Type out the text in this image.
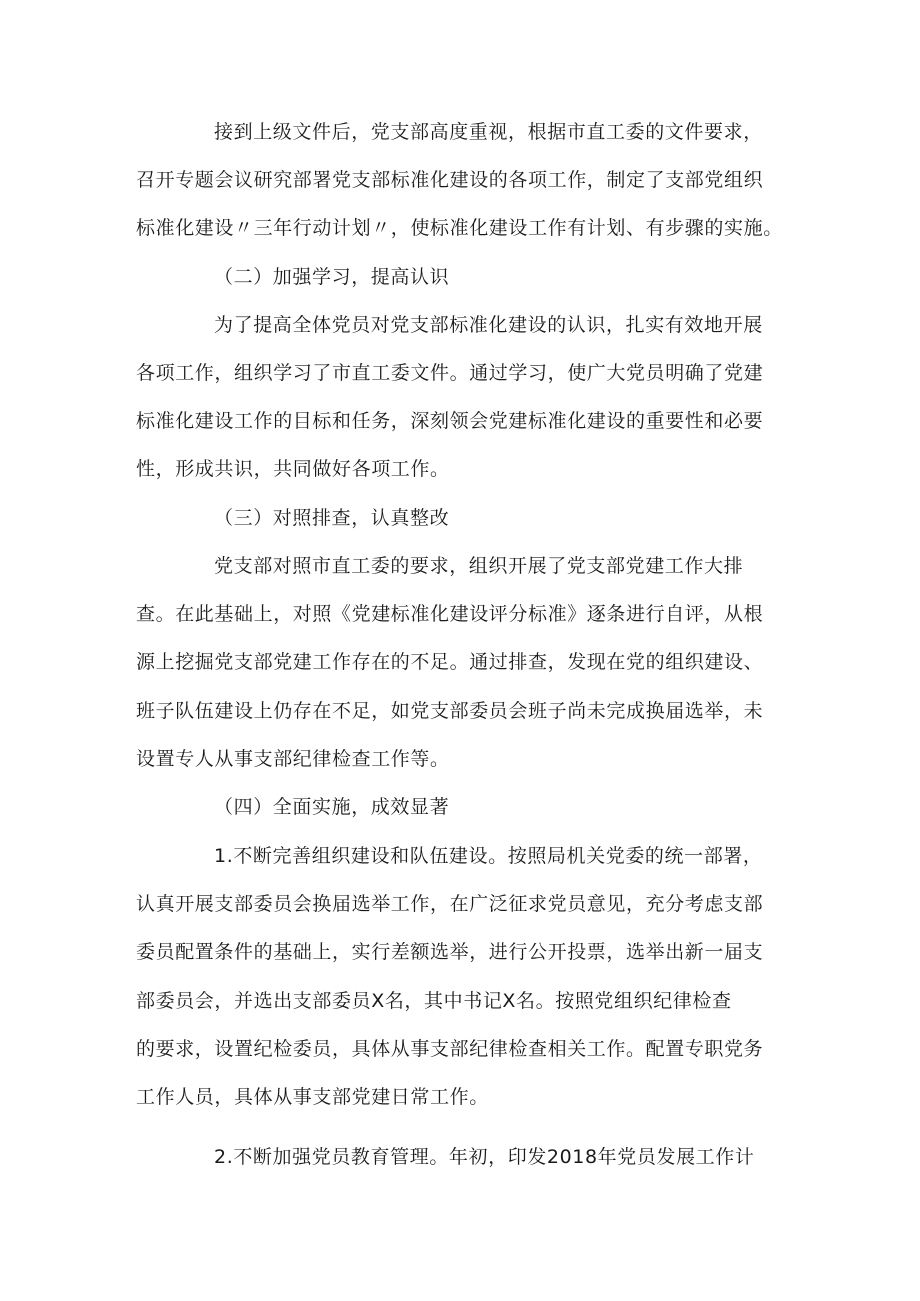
接到上级文件后，党支部高度重视，根据市直工委的文件要求，

召开专题会议研究部署党支部标准化建设的各项工作，制定了支部党组织

标准化建设〃三年行动计划〃，使标准化建设工作有计划、有步骤的实施。

（二）加强学习，提高认识

为了提高全体党员对党支部标准化建设的认识，扎实有效地开展

各项工作，组织学习了市直工委文件。通过学习，使广大党员明确了党建

标准化建设工作的目标和任务，深刻领会党建标准化建设的重要性和必要

性，形成共识，共同做好各项工作。

（三）对照排查，认真整改

党支部对照市直工委的要求，组织开展了党支部党建工作大排

查。在此基础上，对照《党建标准化建设评分标准》逐条进行自评，从根

源上挖掘党支部党建工作存在的不足。通过排查，发现在党的组织建设、

班子队伍建设上仍存在不足，如党支部委员会班子尚未完成换届选举，未

设置专人从事支部纪律检查工作等。

（四）全面实施，成效显著

1.不断完善组织建设和队伍建设。按照局机关党委的统一部署，

认真开展支部委员会换届选举工作，在广泛征求党员意见，充分考虑支部

委员配置条件的基础上，实行差额选举，进行公开投票，选举出新一届支

部委员会，并选出支部委员X名，其中书记X名。按照党组织纪律检查

的要求，设置纪检委员，具体从事支部纪律检查相关工作。配置专职党务

工作人员，具体从事支部党建日常工作。

2.不断加强党员教育管理。年初，印发2018年党员发展工作计
